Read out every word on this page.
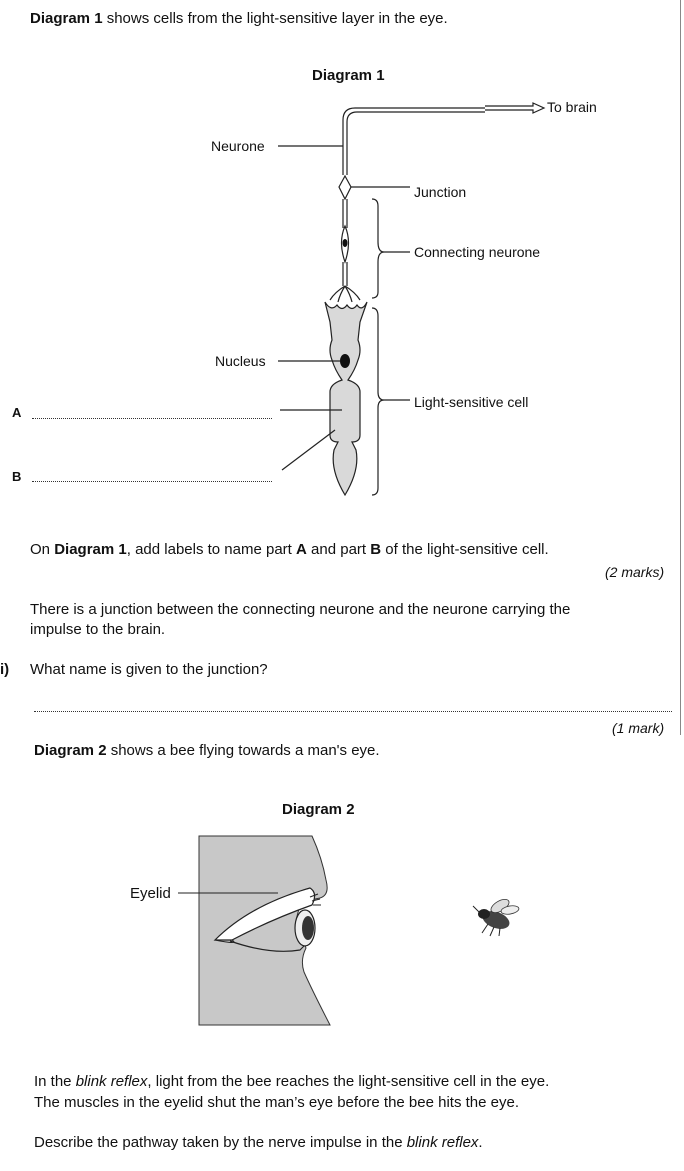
Diagram 1 shows cells from the light-sensitive layer in the eye.
Diagram 1
To brain
Neurone
Junction
Connecting neurone
Nucleus
Light-sensitive cell
A
B
On Diagram 1, add labels to name part A and part B of the light-sensitive cell.
(2 marks)
There is a junction between the connecting neurone and the neurone carrying the
impulse to the brain.
i) What name is given to the junction?
(1 mark)
Diagram 2 shows a bee flying towards a man's eye.
Diagram 2
Eyelid
In the blink reflex, light from the bee reaches the light-sensitive cell in the eye.
The muscles in the eyelid shut the man’s eye before the bee hits the eye.
Describe the pathway taken by the nerve impulse in the blink reflex.
